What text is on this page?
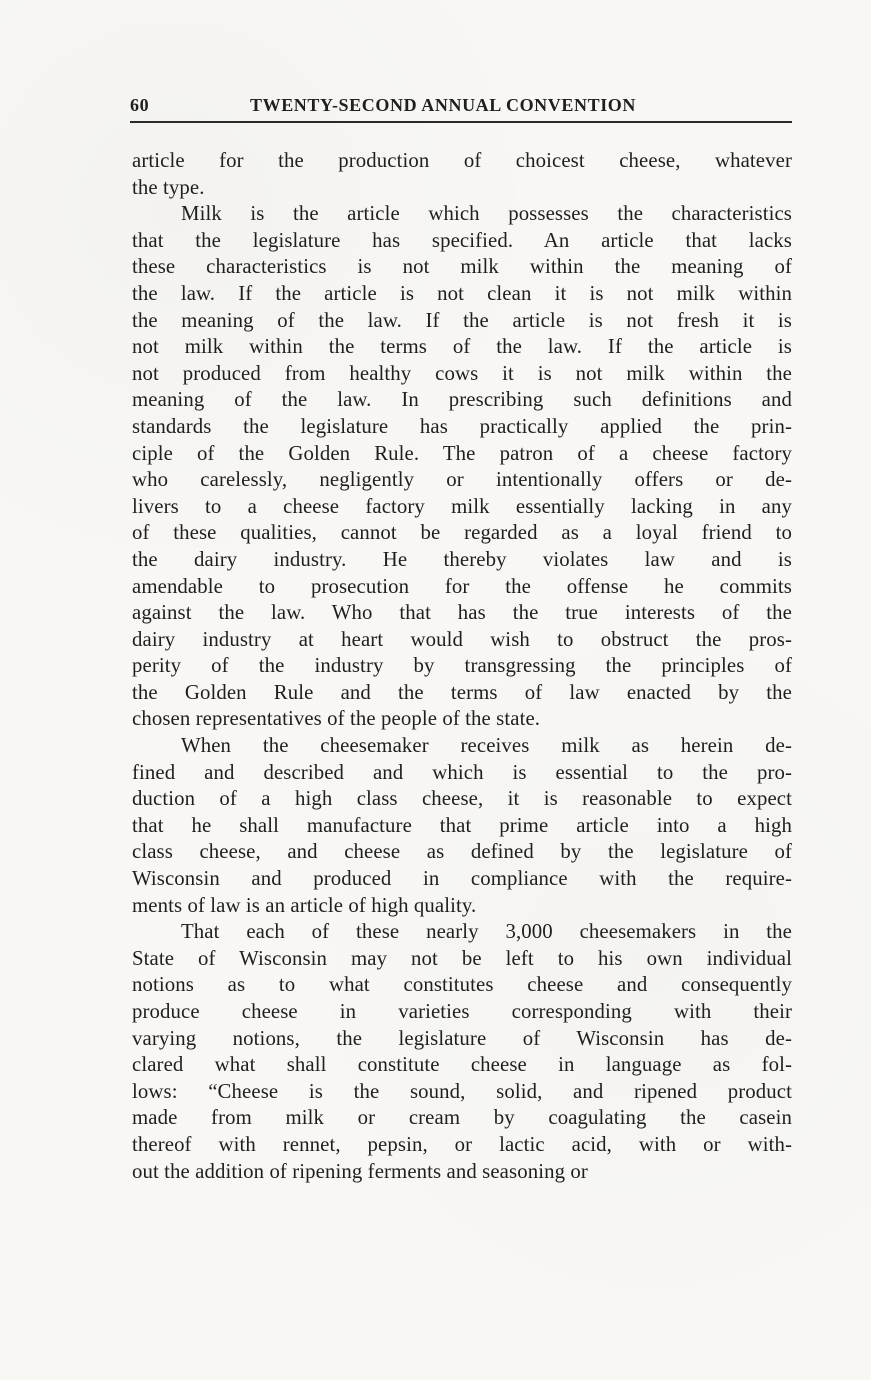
60	TWENTY-SECOND ANNUAL CONVENTION
article for the production of choicest cheese, whatever
the type.
Milk is the article which possesses the characteristics
that the legislature has specified. An article that lacks
these characteristics is not milk within the meaning of
the law. If the article is not clean it is not milk within
the meaning of the law. If the article is not fresh it is
not milk within the terms of the law. If the article is
not produced from healthy cows it is not milk within the
meaning of the law. In prescribing such definitions and
standards the legislature has practically applied the prin-
ciple of the Golden Rule. The patron of a cheese factory
who carelessly, negligently or intentionally offers or de-
livers to a cheese factory milk essentially lacking in any
of these qualities, cannot be regarded as a loyal friend to
the dairy industry. He thereby violates law and is
amendable to prosecution for the offense he commits
against the law. Who that has the true interests of the
dairy industry at heart would wish to obstruct the pros-
perity of the industry by transgressing the principles of
the Golden Rule and the terms of law enacted by the
chosen representatives of the people of the state.
When the cheesemaker receives milk as herein de-
fined and described and which is essential to the pro-
duction of a high class cheese, it is reasonable to expect
that he shall manufacture that prime article into a high
class cheese, and cheese as defined by the legislature of
Wisconsin and produced in compliance with the require-
ments of law is an article of high quality.
That each of these nearly 3,000 cheesemakers in the
State of Wisconsin may not be left to his own individual
notions as to what constitutes cheese and consequently
produce cheese in varieties corresponding with their
varying notions, the legislature of Wisconsin has de-
clared what shall constitute cheese in language as fol-
lows: “Cheese is the sound, solid, and ripened product
made from milk or cream by coagulating the casein
thereof with rennet, pepsin, or lactic acid, with or with-
out the addition of ripening ferments and seasoning or
